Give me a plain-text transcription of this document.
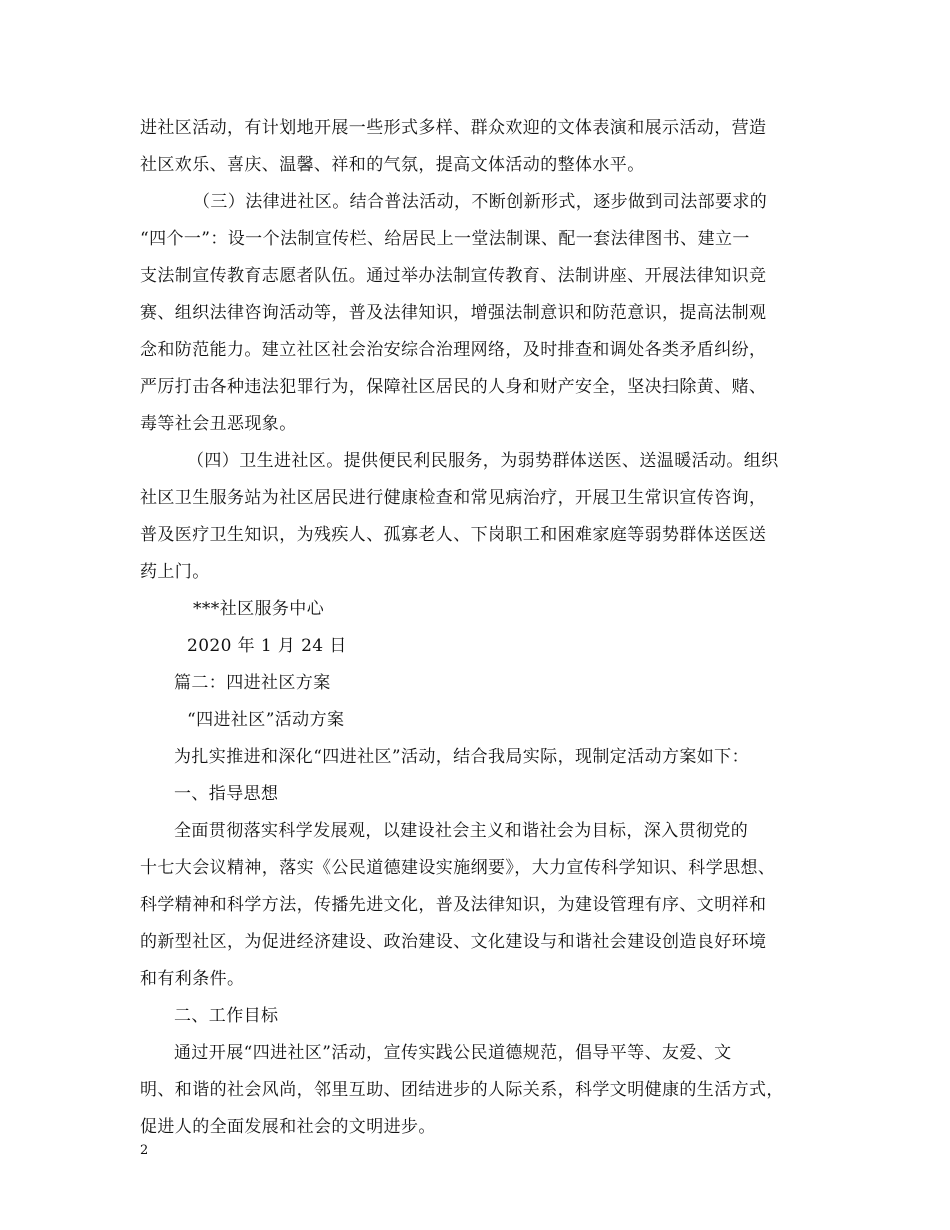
进社区活动，有计划地开展一些形式多样、群众欢迎的文体表演和展示活动，营造
社区欢乐、喜庆、温馨、祥和的气氛，提高文体活动的整体水平。
（三）法律进社区。结合普法活动，不断创新形式，逐步做到司法部要求的
“四个一”：设一个法制宣传栏、给居民上一堂法制课、配一套法律图书、建立一
支法制宣传教育志愿者队伍。通过举办法制宣传教育、法制讲座、开展法律知识竞
赛、组织法律咨询活动等，普及法律知识，增强法制意识和防范意识，提高法制观
念和防范能力。建立社区社会治安综合治理网络，及时排查和调处各类矛盾纠纷，
严厉打击各种违法犯罪行为，保障社区居民的人身和财产安全，坚决扫除黄、赌、
毒等社会丑恶现象。
（四）卫生进社区。提供便民利民服务，为弱势群体送医、送温暖活动。组织
社区卫生服务站为社区居民进行健康检查和常见病治疗，开展卫生常识宣传咨询，
普及医疗卫生知识，为残疾人、孤寡老人、下岗职工和困难家庭等弱势群体送医送
药上门。
***社区服务中心
2020 年 1 月 24 日
篇二：四进社区方案
“四进社区”活动方案
为扎实推进和深化“四进社区”活动，结合我局实际，现制定活动方案如下：
一、指导思想
全面贯彻落实科学发展观，以建设社会主义和谐社会为目标，深入贯彻党的
十七大会议精神，落实《公民道德建设实施纲要》，大力宣传科学知识、科学思想、
科学精神和科学方法，传播先进文化，普及法律知识，为建设管理有序、文明祥和
的新型社区，为促进经济建设、政治建设、文化建设与和谐社会建设创造良好环境
和有利条件。
二、工作目标
通过开展“四进社区”活动，宣传实践公民道德规范，倡导平等、友爱、文
明、和谐的社会风尚，邻里互助、团结进步的人际关系，科学文明健康的生活方式，
促进人的全面发展和社会的文明进步。
2
